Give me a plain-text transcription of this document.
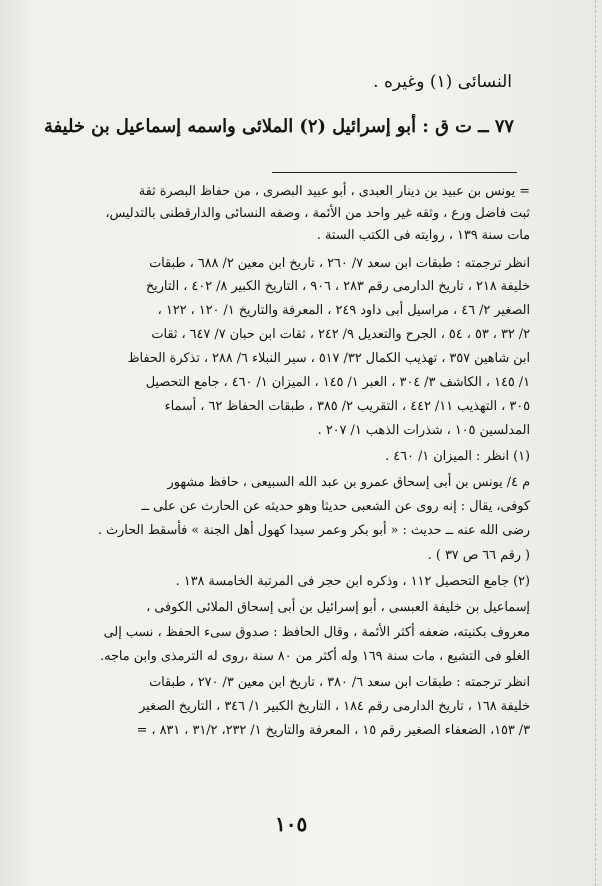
النسائى (١) وغيره .
٧٧ ــ ت ق : أبو إسرائيل (٢) الملائى واسمه إسماعيل بن خليفة
= يونس بن عبيد بن دينار العبدى ، أبو عبيد البصرى ، من حفاظ البصرة ثقة
ثبت فاضل ورع ، وثقه غير واحد من الأئمة ، وصفه النسائى والدارقطنى بالتدليس،
مات سنة ١٣٩ ، روايته فى الكتب الستة .
انظر ترجمته : طبقات ابن سعد ٧/ ٢٦٠ ، تاريخ ابن معين ٢/ ٦٨٨ ، طبقات
خليفة ٢١٨ ، تاريخ الدارمى رقم ٢٨٣ ، ٩٠٦ ، التاريخ الكبير ٨/ ٤٠٢ ، التاريخ
الصغير ٢/ ٤٦ ، مراسيل أبى داود ٢٤٩ ، المعرفة والتاريخ ١/ ١٢٠ ، ١٢٢ ،
٢/ ٣٢ ، ٥٣ ، ٥٤ ، الجرح والتعديل ٩/ ٢٤٢ ، ثقات ابن حبان ٧/ ٦٤٧ ، ثقات
ابن شاهين ٣٥٧ ، تهذيب الكمال ٣٢/ ٥١٧ ، سير النبلاء ٦/ ٢٨٨ ، تذكرة الحفاظ
١/ ١٤٥ ، الكاشف ٣/ ٣٠٤ ، العبر ١/ ١٤٥ ، الميزان ١/ ٤٦٠ ، جامع التحصيل
٣٠٥ ، التهذيب ١١/ ٤٤٢ ، التقريب ٢/ ٣٨٥ ، طبقات الحفاظ ٦٢ ، أسماء
المدلسين ١٠٥ ، شذرات الذهب ١/ ٢٠٧ .
(١) انظر : الميزان ١/ ٤٦٠ .
م ٤/ يونس بن أبى إسحاق عمرو بن عبد الله السبيعى ، حافظ مشهور
كوفى، يقال : إنه روى عن الشعبى حديثا وهو حديثه عن الحارث عن على ــ
رضى الله عنه ــ حديث : « أبو بكر وعمر سيدا كهول أهل الجنة » فأسقط الحارث .
( رقم ٦٦ ص ٣٧ ) .
(٢) جامع التحصيل ١١٢ ، وذكره ابن حجر فى المرتبة الخامسة ١٣٨ .
إسماعيل بن خليفة العبسى ، أبو إسرائيل بن أبى إسحاق الملائى الكوفى ،
معروف بكنيته، ضعفه أكثر الأئمة ، وقال الحافظ : صدوق سىء الحفظ ، نسب إلى
الغلو فى التشيع ، مات سنة ١٦٩ وله أكثر من ٨٠ سنة ،روى له الترمذى وابن ماجه.
انظر ترجمته : طبقات ابن سعد ٦/ ٣٨٠ ، تاريخ ابن معين ٣/ ٢٧٠ ، طبقات
خليفة ١٦٨ ، تاريخ الدارمى رقم ١٨٤ ، التاريخ الكبير ١/ ٣٤٦ ، التاريخ الصغير
٣/ ١٥٣، الضعفاء الصغير رقم ١٥ ، المعرفة والتاريخ ١/ ٢٣٢، ٣١/٢ ، ٨٣١ ، =
١٠٥
